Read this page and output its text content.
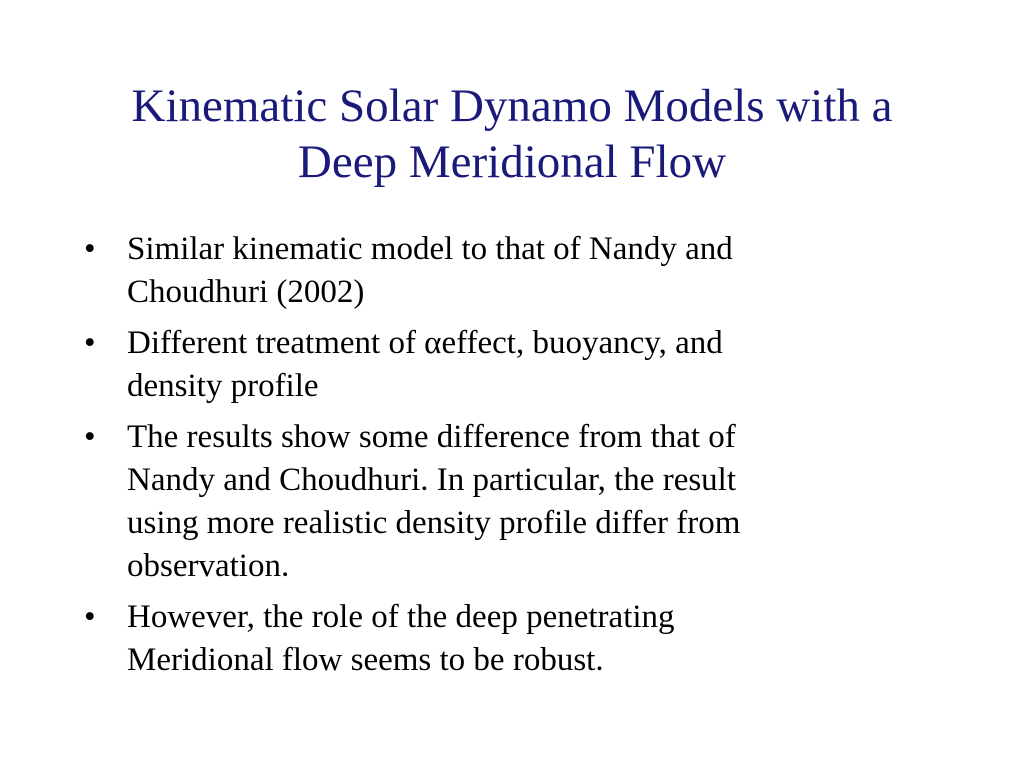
Kinematic Solar Dynamo Models with a
Deep Meridional Flow
• Similar kinematic model to that of Nandy and
Choudhuri (2002)
• Different treatment of αeffect, buoyancy, and
density profile
• The results show some difference from that of
Nandy and Choudhuri. In particular, the result
using more realistic density profile differ from
observation.
• However, the role of the deep penetrating
Meridional flow seems to be robust.
